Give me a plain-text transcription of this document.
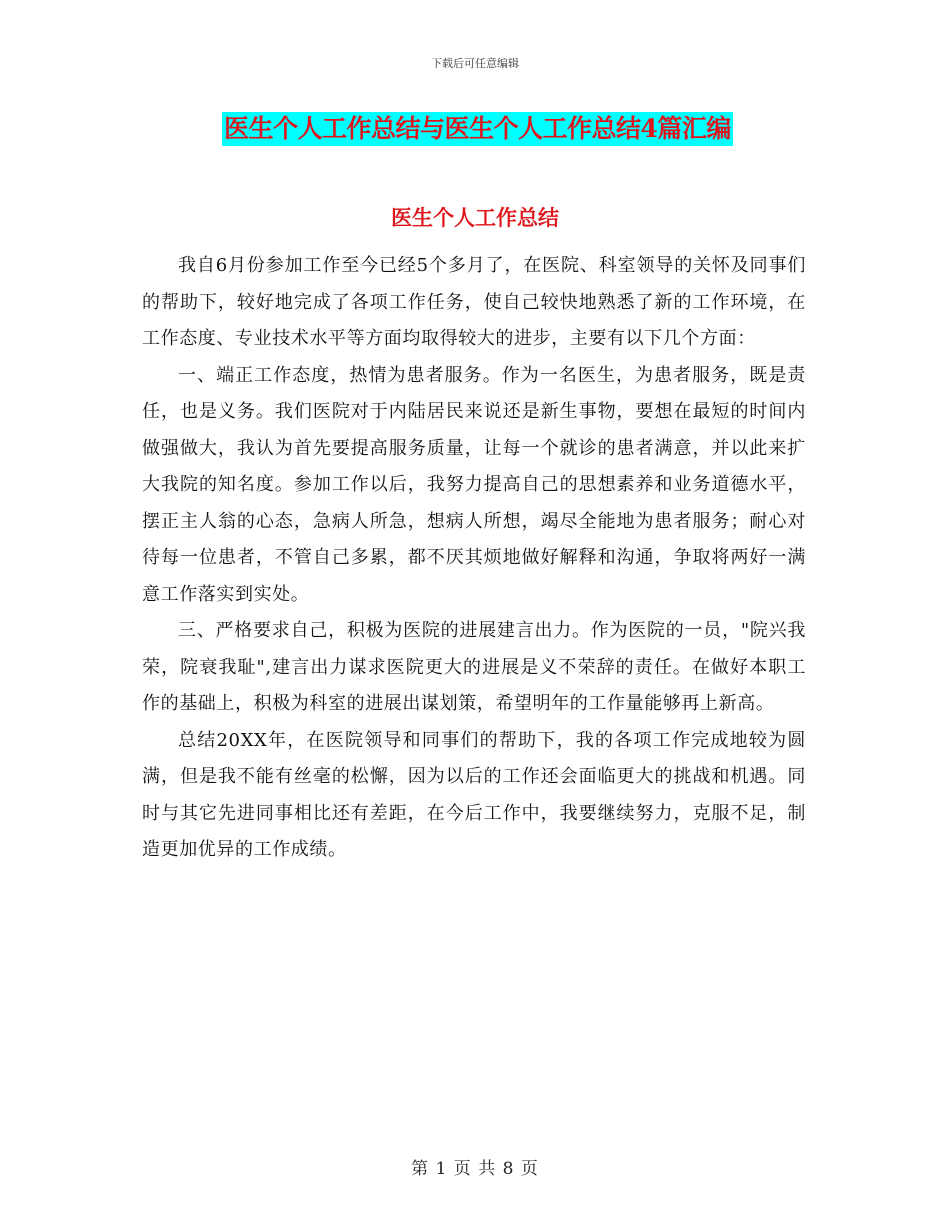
下载后可任意编辑
医生个人工作总结与医生个人工作总结4篇汇编
医生个人工作总结

我自6月份参加工作至今已经5个多月了，在医院、科室领导的关怀及同事们的帮助下，较好地完成了各项工作任务，使自己较快地熟悉了新的工作环境，在工作态度、专业技术水平等方面均取得较大的进步，主要有以下几个方面：

一、端正工作态度，热情为患者服务。作为一名医生，为患者服务，既是责任，也是义务。我们医院对于内陆居民来说还是新生事物，要想在最短的时间内做强做大，我认为首先要提高服务质量，让每一个就诊的患者满意，并以此来扩大我院的知名度。参加工作以后，我努力提高自己的思想素养和业务道德水平，摆正主人翁的心态，急病人所急，想病人所想，竭尽全能地为患者服务；耐心对待每一位患者，不管自己多累，都不厌其烦地做好解释和沟通，争取将两好一满意工作落实到实处。

三、严格要求自己，积极为医院的进展建言出力。作为医院的一员，"院兴我荣，院衰我耻",建言出力谋求医院更大的进展是义不荣辞的责任。在做好本职工作的基础上，积极为科室的进展出谋划策，希望明年的工作量能够再上新高。

总结20XX年，在医院领导和同事们的帮助下，我的各项工作完成地较为圆满，但是我不能有丝毫的松懈，因为以后的工作还会面临更大的挑战和机遇。同时与其它先进同事相比还有差距，在今后工作中，我要继续努力，克服不足，制造更加优异的工作成绩。

第 1 页 共 8 页
